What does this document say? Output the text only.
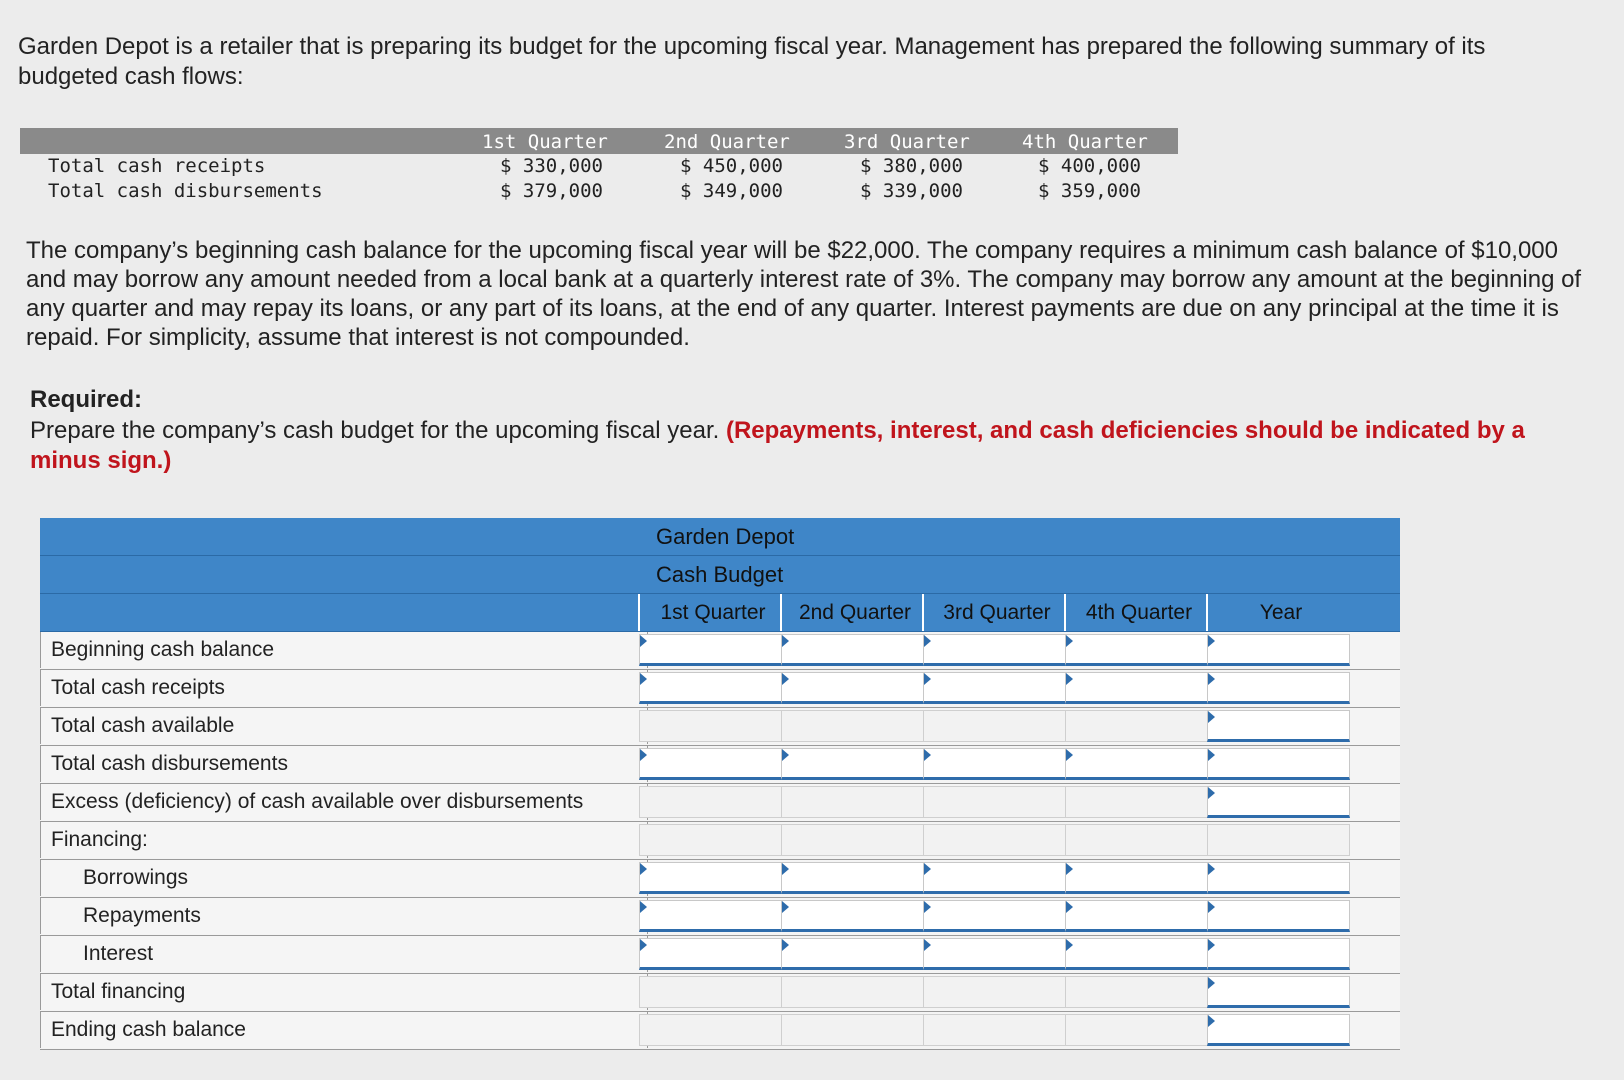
Garden Depot is a retailer that is preparing its budget for the upcoming fiscal year. Management has prepared the following summary of its budgeted cash flows:

1st Quarter	2nd Quarter	3rd Quarter	4th Quarter
Total cash receipts	$ 330,000	$ 450,000	$ 380,000	$ 400,000
Total cash disbursements	$ 379,000	$ 349,000	$ 339,000	$ 359,000

The company’s beginning cash balance for the upcoming fiscal year will be $22,000. The company requires a minimum cash balance of $10,000 and may borrow any amount needed from a local bank at a quarterly interest rate of 3%. The company may borrow any amount at the beginning of any quarter and may repay its loans, or any part of its loans, at the end of any quarter. Interest payments are due on any principal at the time it is repaid. For simplicity, assume that interest is not compounded.

Required:

Prepare the company’s cash budget for the upcoming fiscal year. (Repayments, interest, and cash deficiencies should be indicated by a minus sign.)

Garden Depot
Cash Budget
1st Quarter	2nd Quarter	3rd Quarter	4th Quarter	Year
Beginning cash balance
Total cash receipts
Total cash available
Total cash disbursements
Excess (deficiency) of cash available over disbursements
Financing:
Borrowings
Repayments
Interest
Total financing
Ending cash balance
